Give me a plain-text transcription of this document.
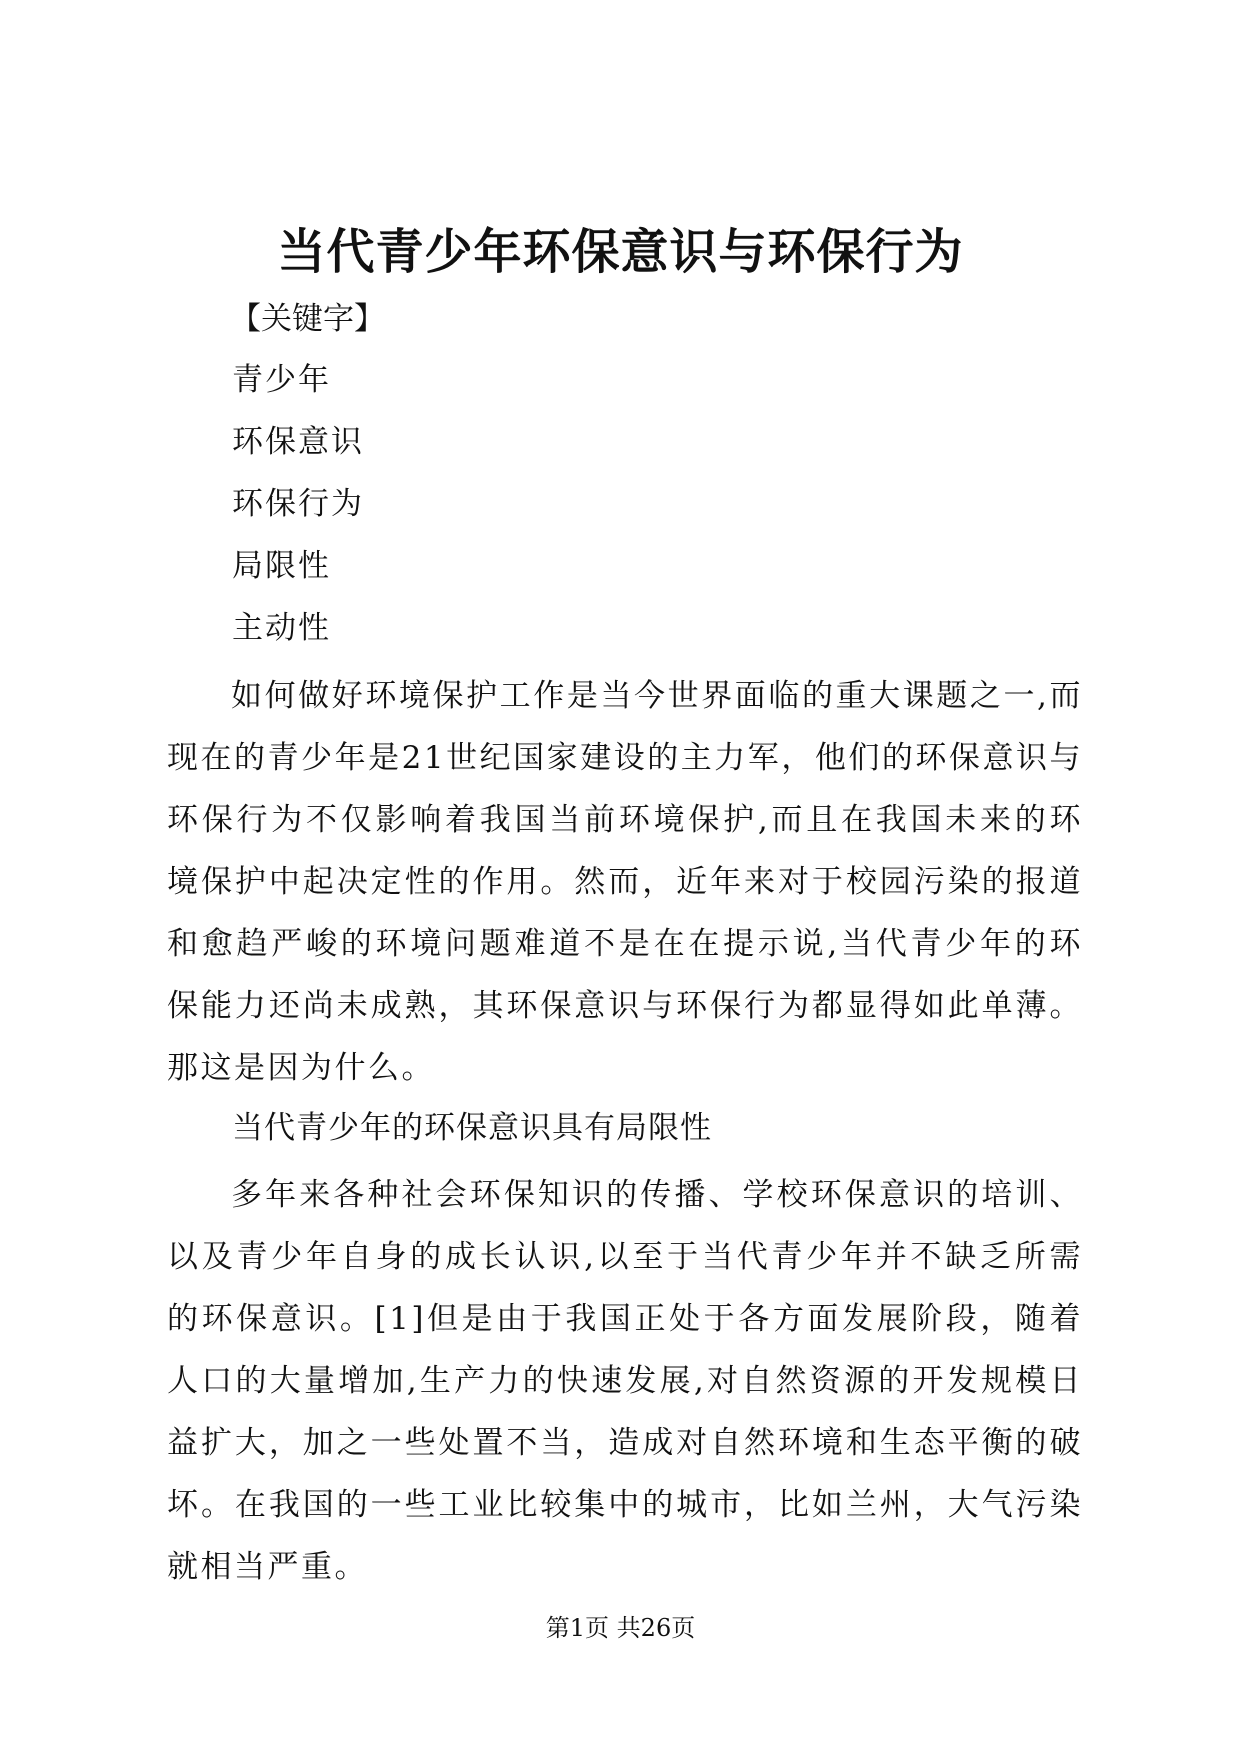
当代青少年环保意识与环保行为
【关键字】
青少年
环保意识
环保行为
局限性
主动性

如何做好环境保护工作是当今世界面临的重大课题之一,而现在的青少年是21世纪国家建设的主力军，他们的环保意识与环保行为不仅影响着我国当前环境保护,而且在我国未来的环境保护中起决定性的作用。然而，近年来对于校园污染的报道和愈趋严峻的环境问题难道不是在在提示说,当代青少年的环保能力还尚未成熟，其环保意识与环保行为都显得如此单薄。那这是因为什么。

当代青少年的环保意识具有局限性

多年来各种社会环保知识的传播、学校环保意识的培训、以及青少年自身的成长认识,以至于当代青少年并不缺乏所需的环保意识。[1]但是由于我国正处于各方面发展阶段，随着人口的大量增加,生产力的快速发展,对自然资源的开发规模日益扩大，加之一些处置不当，造成对自然环境和生态平衡的破坏。在我国的一些工业比较集中的城市，比如兰州，大气污染就相当严重。

第1页 共26页
